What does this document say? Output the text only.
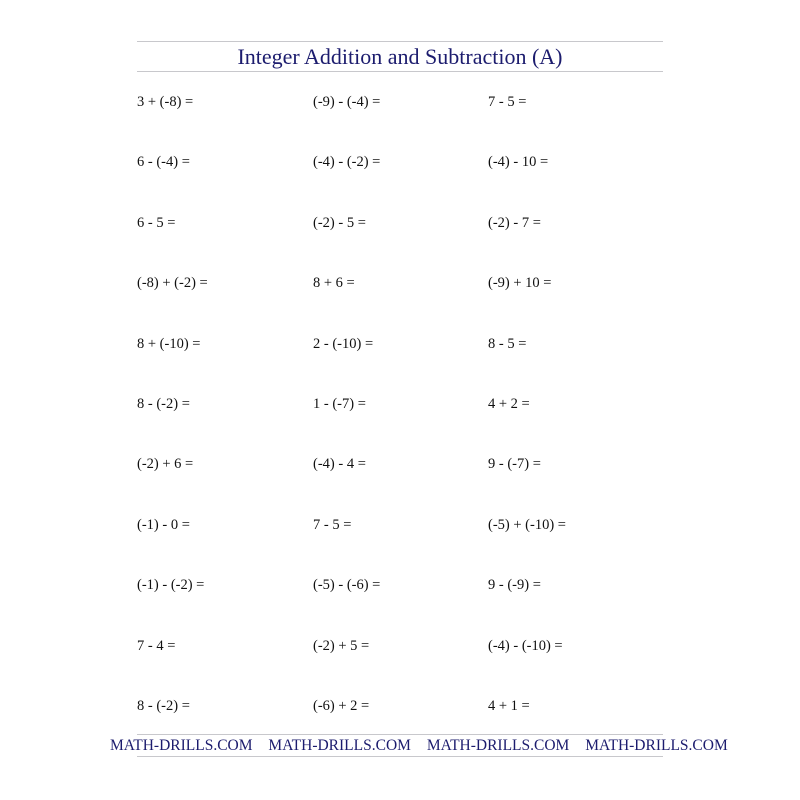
Integer Addition and Subtraction (A)
3 + (-8) =	(-9) - (-4) =	7 - 5 =
6 - (-4) =	(-4) - (-2) =	(-4) - 10 =
6 - 5 =	(-2) - 5 =	(-2) - 7 =
(-8) + (-2) =	8 + 6 =	(-9) + 10 =
8 + (-10) =	2 - (-10) =	8 - 5 =
8 - (-2) =	1 - (-7) =	4 + 2 =
(-2) + 6 =	(-4) - 4 =	9 - (-7) =
(-1) - 0 =	7 - 5 =	(-5) + (-10) =
(-1) - (-2) =	(-5) - (-6) =	9 - (-9) =
7 - 4 =	(-2) + 5 =	(-4) - (-10) =
8 - (-2) =	(-6) + 2 =	4 + 1 =
MATH-DRILLS.COM MATH-DRILLS.COM MATH-DRILLS.COM MATH-DRILLS.COM
